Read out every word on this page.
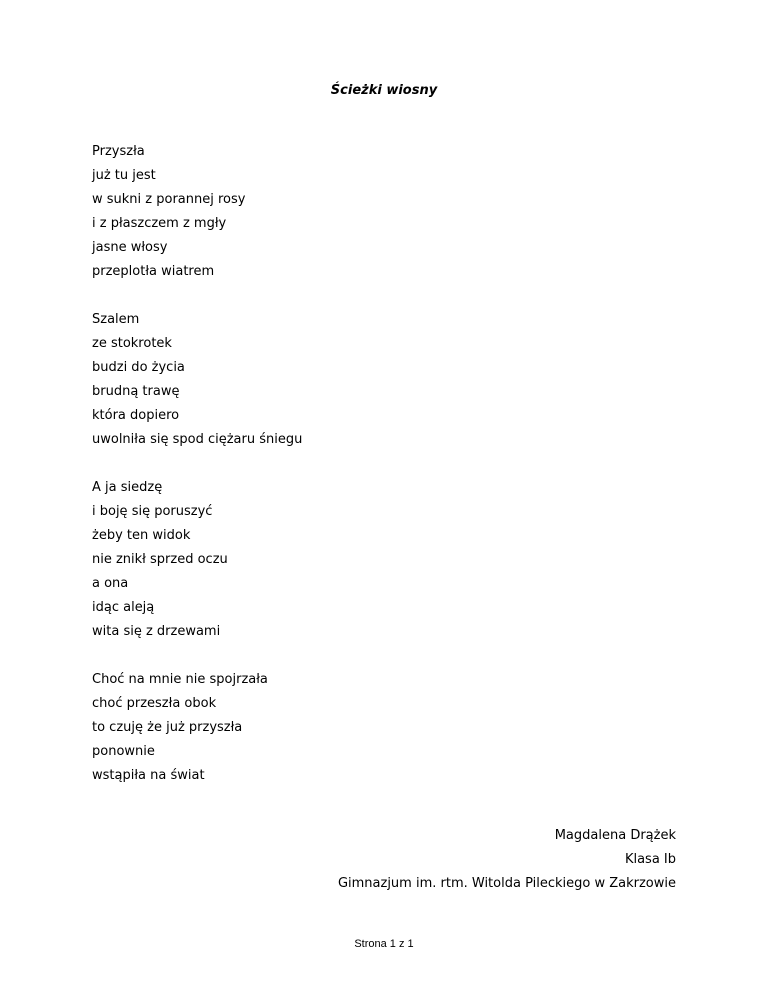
Ścieżki wiosny
Przyszła
już tu jest
w sukni z porannej rosy
i z płaszczem z mgły
jasne włosy
przeplotła wiatrem
Szalem
ze stokrotek
budzi do życia
brudną trawę
która dopiero
uwolniła się spod ciężaru śniegu
A ja siedzę
i boję się poruszyć
żeby ten widok
nie znikł sprzed oczu
a ona
idąc aleją
wita się z drzewami
Choć na mnie nie spojrzała
choć przeszła obok
to czuję że już przyszła
ponownie
wstąpiła na świat
Magdalena Drążek
Klasa Ib
Gimnazjum im. rtm. Witolda Pileckiego w Zakrzowie
Strona 1 z 1
